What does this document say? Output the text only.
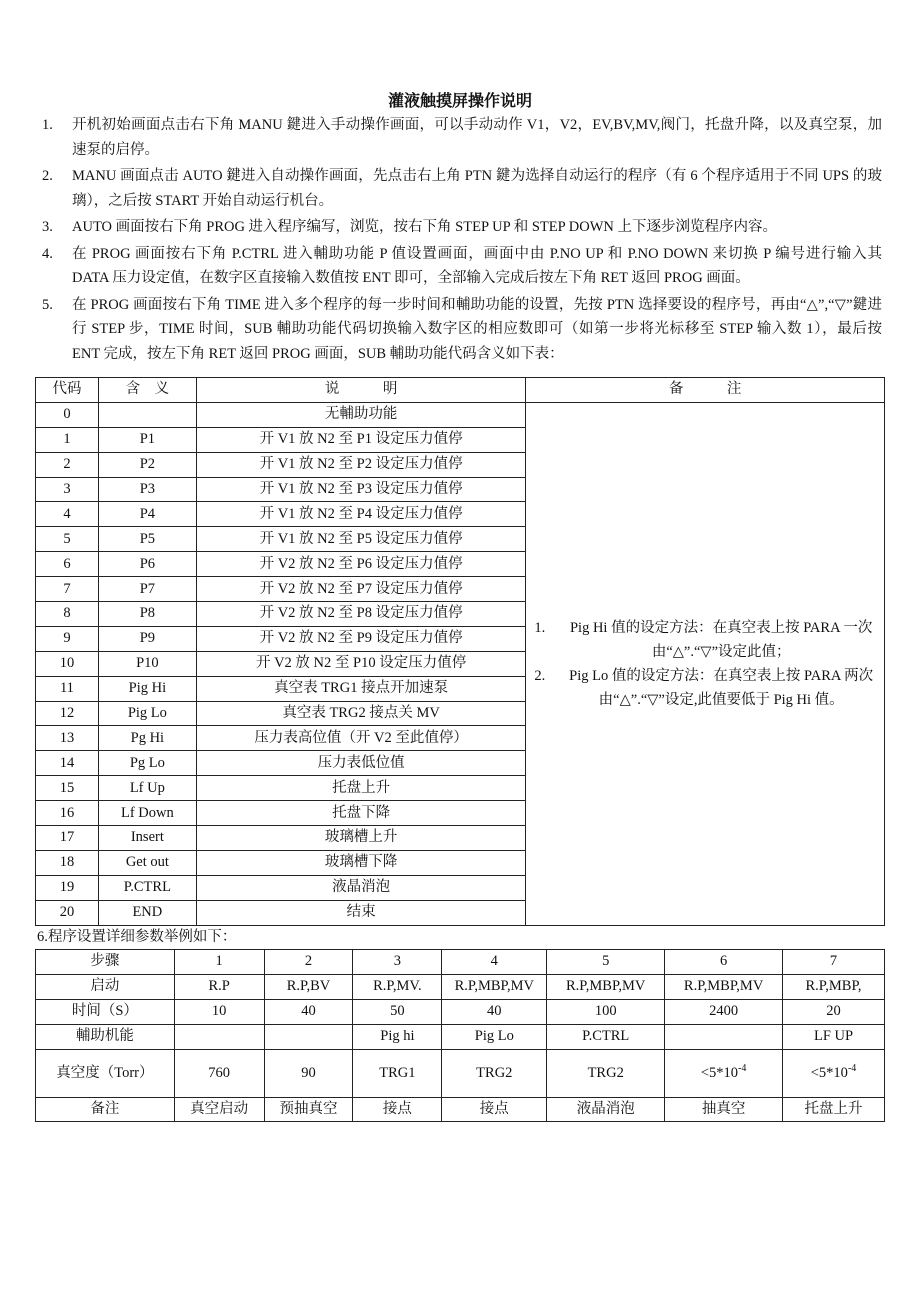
灌液触摸屏操作说明
1. 开机初始画面点击右下角 MANU 鍵进入手动操作画面，可以手动动作 V1，V2，EV,BV,MV,阀门，托盘升降，以及真空泵，加速泵的启停。
2. MANU 画面点击 AUTO 鍵进入自动操作画面，先点击右上角 PTN 鍵为选择自动运行的程序（有 6 个程序适用于不同 UPS 的玻璃），之后按 START 开始自动运行机台。
3. AUTO 画面按右下角 PROG 进入程序编写，浏览，按右下角 STEP UP 和 STEP DOWN 上下逐步浏览程序内容。
4. 在 PROG 画面按右下角 P.CTRL 进入輔助功能 P 值设置画面，画面中由 P.NO UP 和 P.NO DOWN 来切换 P 编号进行输入其 DATA 压力设定值，在数字区直接输入数值按 ENT 即可，全部输入完成后按左下角 RET 返回 PROG 画面。
5. 在 PROG 画面按右下角 TIME 进入多个程序的每一步时间和輔助功能的设置，先按 PTN 选择要设的程序号，再由“△”,“▽”鍵进行 STEP 步，TIME 时间，SUB 輔助功能代码切换输入数字区的相应数即可（如第一步将光标移至 STEP 输入数 1），最后按 ENT 完成，按左下角 RET 返回 PROG 画面，SUB 輔助功能代码含义如下表：
代码	含　义	说　　　明	备　　　注
0		无輔助功能	
1. Pig Hi 值的设定方法：在真空表上按 PARA 一次由“△”.“▽”设定此值；
2. Pig Lo 值的设定方法：在真空表上按 PARA 两次由“△”.“▽”设定,此值要低于 Pig Hi 值。

1	P1	开 V1 放 N2 至 P1 设定压力值停	
2	P2	开 V1 放 N2 至 P2 设定压力值停	
3	P3	开 V1 放 N2 至 P3 设定压力值停	
4	P4	开 V1 放 N2 至 P4 设定压力值停	
5	P5	开 V1 放 N2 至 P5 设定压力值停	
6	P6	开 V2 放 N2 至 P6 设定压力值停	
7	P7	开 V2 放 N2 至 P7 设定压力值停	
8	P8	开 V2 放 N2 至 P8 设定压力值停	
9	P9	开 V2 放 N2 至 P9 设定压力值停	
10	P10	开 V2 放 N2 至 P10 设定压力值停	
11	Pig Hi	真空表 TRG1 接点开加速泵	
12	Pig Lo	真空表 TRG2 接点关 MV	
13	Pg Hi	压力表高位值（开 V2 至此值停）	
14	Pg Lo	压力表低位值	
15	Lf Up	托盘上升	
16	Lf Down	托盘下降	
17	Insert	玻璃槽上升	
18	Get out	玻璃槽下降	
19	P.CTRL	液晶消泡	
20	END	结束	
6.程序设置详细参数举例如下：
步骤	1	2	3	4	5	6	7
启动	R.P	R.P,BV	R.P,MV.	R.P,MBP,MV	R.P,MBP,MV	R.P,MBP,MV	R.P,MBP,
时间（S）	10	40	50	40	100	2400	20
輔助机能			Pig hi	Pig Lo	P.CTRL		LF UP
真空度（Torr）	760	90	TRG1	TRG2	TRG2	$<5*10^{-4}$	$<5*10^{-4}$
备注	真空启动	预抽真空	接点	接点	液晶消泡	抽真空	托盘上升
